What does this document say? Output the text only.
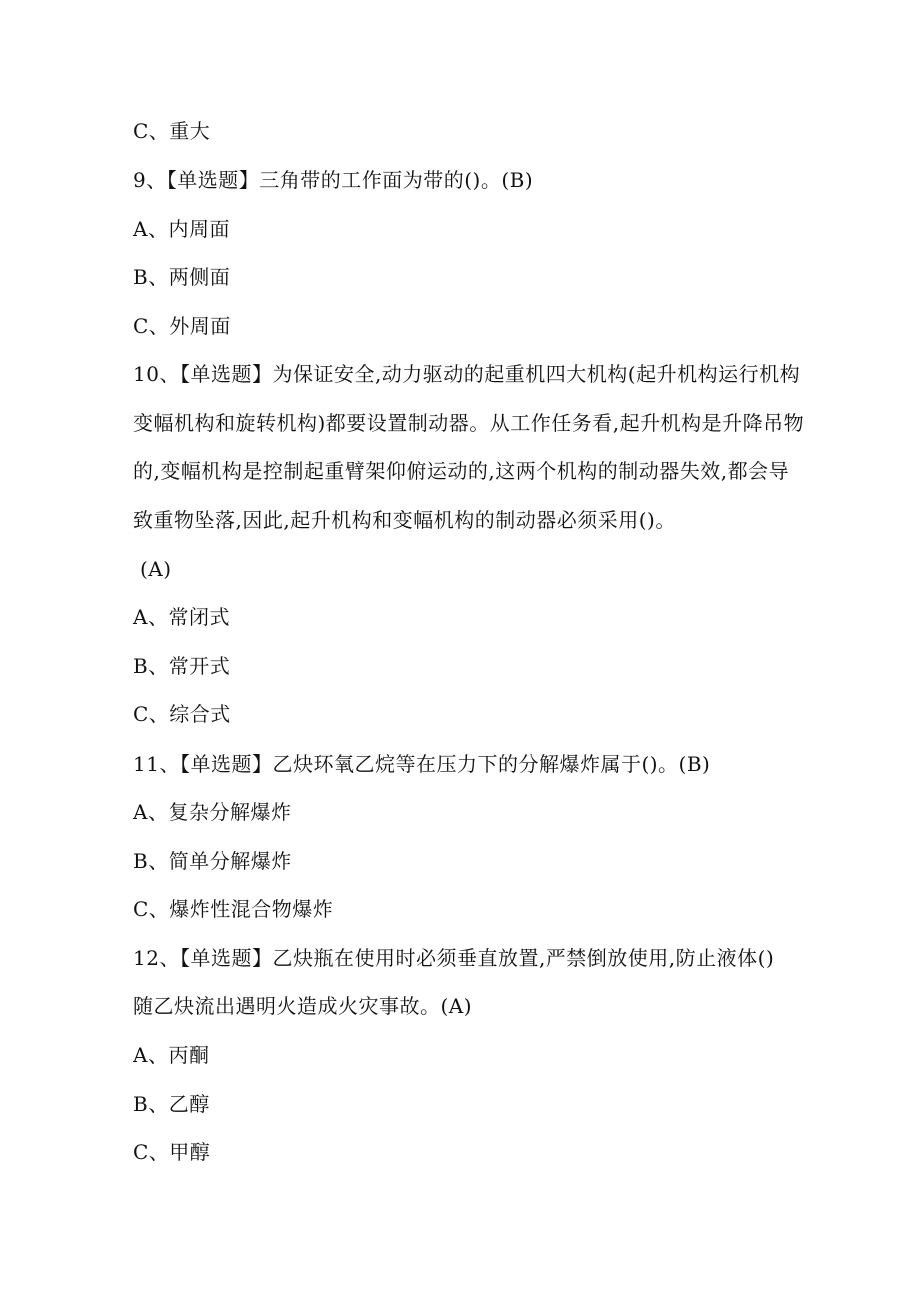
C、重大
9、【单选题】三角带的工作面为带的()。(B)
A、内周面
B、两侧面
C、外周面
10、【单选题】为保证安全,动力驱动的起重机四大机构(起升机构运行机构
变幅机构和旋转机构)都要设置制动器。从工作任务看,起升机构是升降吊物
的,变幅机构是控制起重臂架仰俯运动的,这两个机构的制动器失效,都会导
致重物坠落,因此,起升机构和变幅机构的制动器必须采用()。
(A)
A、常闭式
B、常开式
C、综合式
11、【单选题】乙炔环氧乙烷等在压力下的分解爆炸属于()。(B)
A、复杂分解爆炸
B、简单分解爆炸
C、爆炸性混合物爆炸
12、【单选题】乙炔瓶在使用时必须垂直放置,严禁倒放使用,防止液体()
随乙炔流出遇明火造成火灾事故。(A)
A、丙酮
B、乙醇
C、甲醇
